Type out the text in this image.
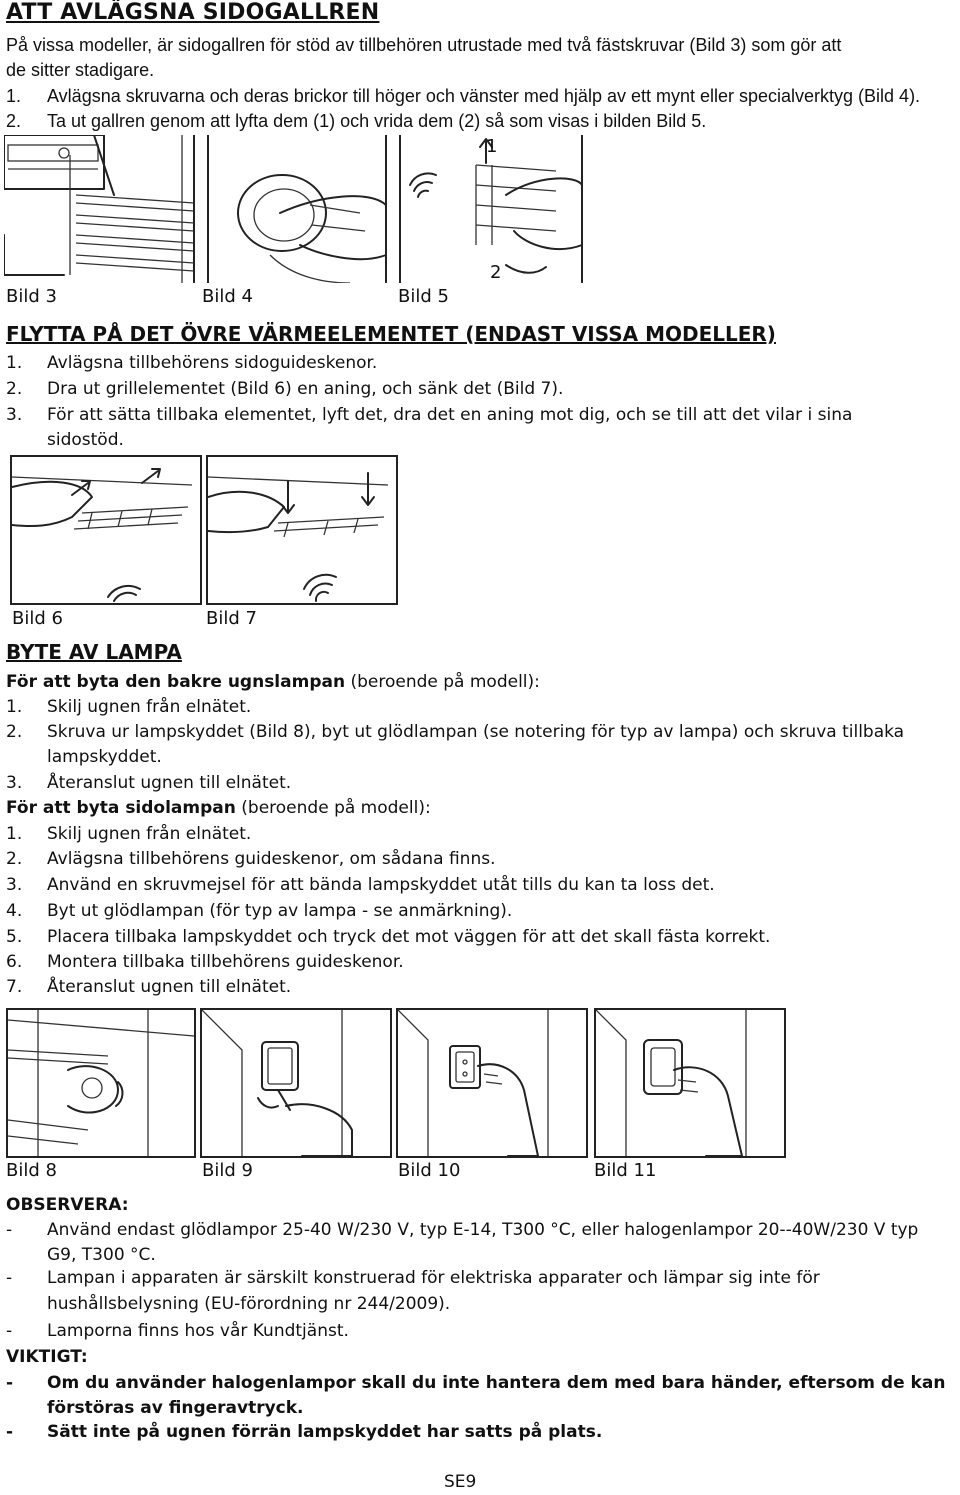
ATT AVLÄGSNA SIDOGALLREN
På vissa modeller, är sidogallren för stöd av tillbehören utrustade med två fästskruvar (Bild 3) som gör att
de sitter stadigare.
1.	Avlägsna skruvarna och deras brickor till höger och vänster med hjälp av ett mynt eller specialverktyg (Bild 4).
2.	Ta ut gallren genom att lyfta dem (1) och vrida dem (2) så som visas i bilden Bild 5.
Bild 3	Bild 4
1
2
Bild 5
FLYTTA PÅ DET ÖVRE VÄRMEELEMENTET (ENDAST VISSA MODELLER)
1.	Avlägsna tillbehörens sidoguideskenor.
2.	Dra ut grillelementet (Bild 6) en aning, och sänk det (Bild 7).
3.	För att sätta tillbaka elementet, lyft det, dra det en aning mot dig, och se till att det vilar i sina
sidostöd.
Bild 6	Bild 7
BYTE AV LAMPA
För att byta den bakre ugnslampan (beroende på modell):
1.	Skilj ugnen från elnätet.
2.	Skruva ur lampskyddet (Bild 8), byt ut glödlampan (se notering för typ av lampa) och skruva tillbaka
lampskyddet.
3.	Återanslut ugnen till elnätet.
För att byta sidolampan (beroende på modell):
1.	Skilj ugnen från elnätet.
2.	Avlägsna tillbehörens guideskenor, om sådana finns.
3.	Använd en skruvmejsel för att bända lampskyddet utåt tills du kan ta loss det.
4.	Byt ut glödlampan (för typ av lampa - se anmärkning).
5.	Placera tillbaka lampskyddet och tryck det mot väggen för att det skall fästa korrekt.
6.	Montera tillbaka tillbehörens guideskenor.
7.	Återanslut ugnen till elnätet.
Bild 8	Bild 9	Bild 10	Bild 11
OBSERVERA:
-	Använd endast glödlampor 25-40 W/230 V, typ E-14, T300 °C, eller halogenlampor 20--40W/230 V typ
G9, T300 °C.
-	Lampan i apparaten är särskilt konstruerad för elektriska apparater och lämpar sig inte för
hushållsbelysning (EU-förordning nr 244/2009).
-	Lamporna finns hos vår Kundtjänst.
VIKTIGT:
-	Om du använder halogenlampor skall du inte hantera dem med bara händer, eftersom de kan
förstöras av fingeravtryck.
-	Sätt inte på ugnen förrän lampskyddet har satts på plats.
SE9
